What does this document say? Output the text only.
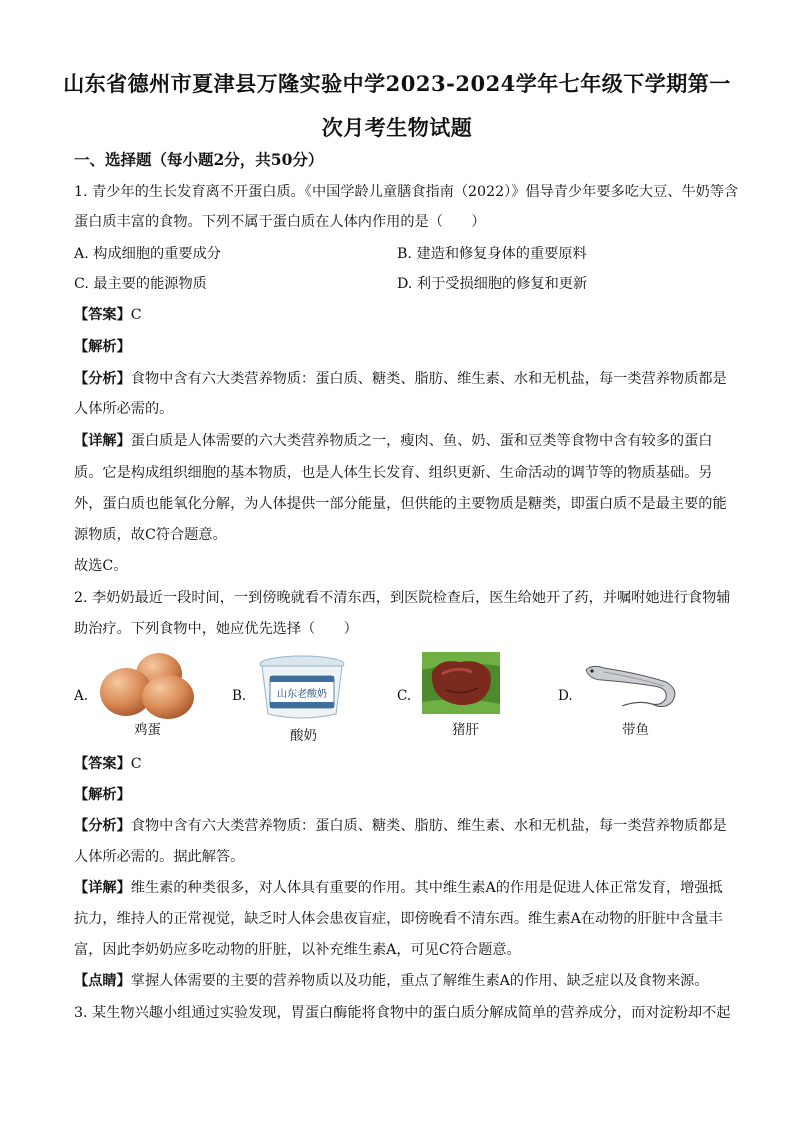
山东省德州市夏津县万隆实验中学2023-2024学年七年级下学期第一
次月考生物试题
一、选择题（每小题2分，共50分）
1. 青少年的生长发育离不开蛋白质。《中国学龄儿童膳食指南（2022）》倡导青少年要多吃大豆、牛奶等含
蛋白质丰富的食物。下列不属于蛋白质在人体内作用的是（　　）
A. 构成细胞的重要成分	B. 建造和修复身体的重要原料
C. 最主要的能源物质	D. 利于受损细胞的修复和更新
【答案】C
【解析】
【分析】食物中含有六大类营养物质：蛋白质、糖类、脂肪、维生素、水和无机盐，每一类营养物质都是
人体所必需的。
【详解】蛋白质是人体需要的六大类营养物质之一，瘦肉、鱼、奶、蛋和豆类等食物中含有较多的蛋白
质。它是构成组织细胞的基本物质，也是人体生长发育、组织更新、生命活动的调节等的物质基础。另
外，蛋白质也能氧化分解，为人体提供一部分能量，但供能的主要物质是糖类，即蛋白质不是最主要的能
源物质，故C符合题意。
故选C。
2. 李奶奶最近一段时间，一到傍晚就看不清东西，到医院检查后，医生给她开了药，并嘱咐她进行食物辅
助治疗。下列食物中，她应优先选择（　　）
A.
鸡蛋
B.	山东老酸奶
酸奶
C.
猪肝
D.
带鱼
【答案】C
【解析】
【分析】食物中含有六大类营养物质：蛋白质、糖类、脂肪、维生素、水和无机盐，每一类营养物质都是
人体所必需的。据此解答。
【详解】维生素的种类很多，对人体具有重要的作用。其中维生素A的作用是促进人体正常发育，增强抵
抗力，维持人的正常视觉，缺乏时人体会患夜盲症，即傍晚看不清东西。维生素A在动物的肝脏中含量丰
富，因此李奶奶应多吃动物的肝脏，以补充维生素A，可见C符合题意。
【点睛】掌握人体需要的主要的营养物质以及功能，重点了解维生素A的作用、缺乏症以及食物来源。
3. 某生物兴趣小组通过实验发现，胃蛋白酶能将食物中的蛋白质分解成简单的营养成分，而对淀粉却不起
